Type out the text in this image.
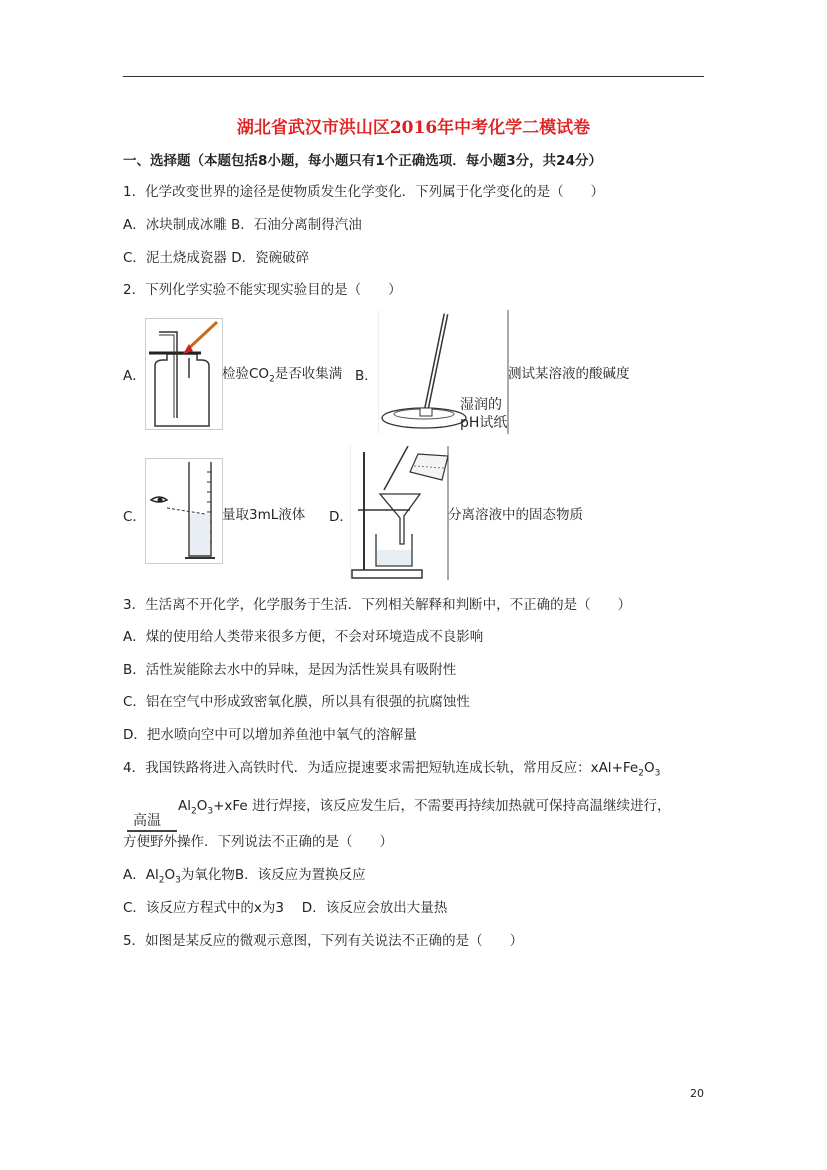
湖北省武汉市洪山区2016年中考化学二模试卷
一、选择题（本题包括8小题，每小题只有1个正确选项．每小题3分，共24分）
1．化学改变世界的途径是使物质发生化学变化．下列属于化学变化的是（　　）
A．冰块制成冰雕 B．石油分离制得汽油
C．泥土烧成瓷器 D．瓷碗破碎
2．下列化学实验不能实现实验目的是（　　）
A．	检验$CO_2$是否收集满 B．
湿润的
pH试纸
测试某溶液的酸碱度
C．	量取3mL液体 D．	分离溶液中的固态物质
3．生活离不开化学，化学服务于生活．下列相关解释和判断中，不正确的是（　　）
A．煤的使用给人类带来很多方便，不会对环境造成不良影响
B．活性炭能除去水中的异味，是因为活性炭具有吸附性
C．铝在空气中形成致密氧化膜，所以具有很强的抗腐蚀性
D．把水喷向空中可以增加养鱼池中氧气的溶解量
4．我国铁路将进入高铁时代．为适应提速要求需把短轨连成长轨，常用反应：$xAl+Fe_2O_3$
高温
$Al_2O_3+xFe$ 进行焊接，该反应发生后，不需要再持续加热就可保持高温继续进行，
方便野外操作．下列说法不正确的是（　　）
A．$Al_2O_3$为氧化物B．该反应为置换反应
C．该反应方程式中的x为3　 D．该反应会放出大量热
5．如图是某反应的微观示意图，下列有关说法不正确的是（　　）
20
